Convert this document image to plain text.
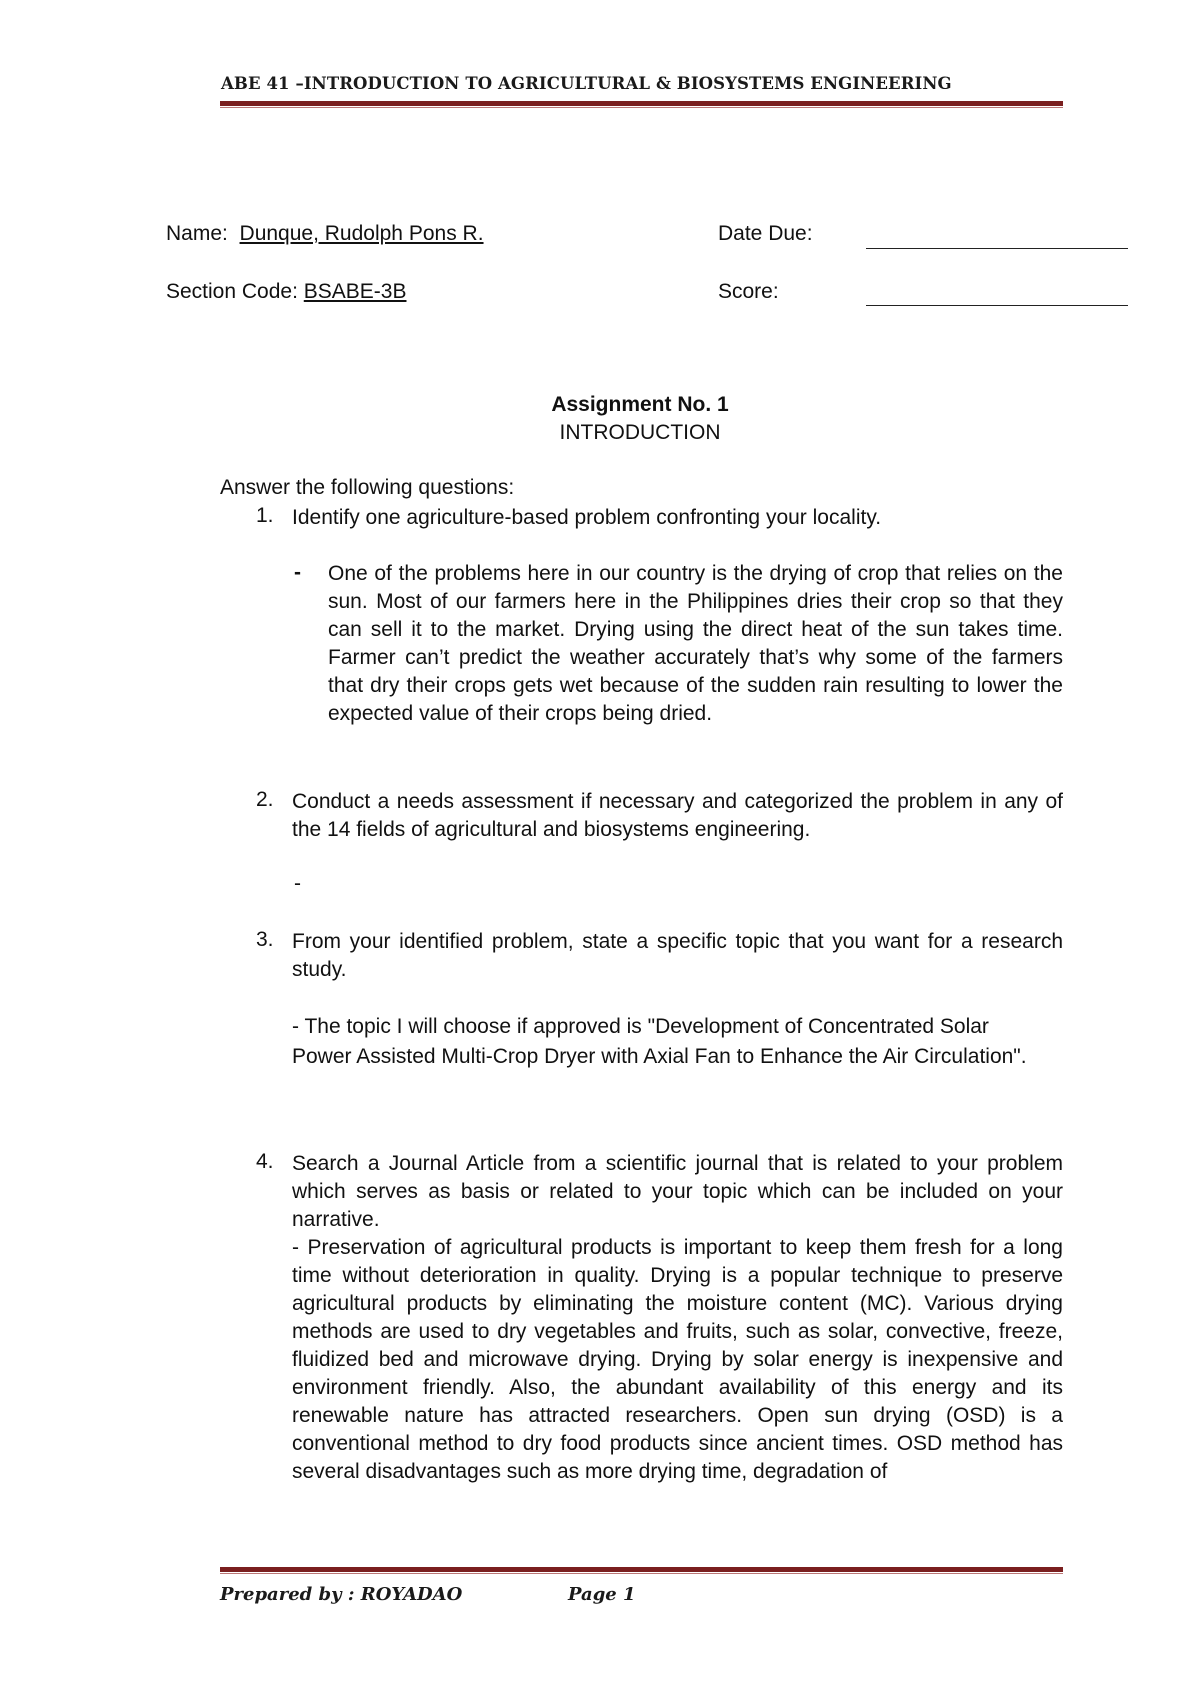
ABE 41 –INTRODUCTION TO AGRICULTURAL & BIOSYSTEMS ENGINEERING
Name: Dunque, Rudolph Pons R.	Date Due:
Section Code: BSABE-3B	Score:
Assignment No. 1
INTRODUCTION
Answer the following questions:
1. Identify one agriculture-based problem confronting your locality.
- One of the problems here in our country is the drying of crop that relies on the sun. Most of our farmers here in the Philippines dries their crop so that they can sell it to the market. Drying using the direct heat of the sun takes time. Farmer can’t predict the weather accurately that’s why some of the farmers that dry their crops gets wet because of the sudden rain resulting to lower the expected value of their crops being dried.
2. Conduct a needs assessment if necessary and categorized the problem in any of the 14 fields of agricultural and biosystems engineering.
-
3. From your identified problem, state a specific topic that you want for a research study.
- The topic I will choose if approved is "Development of Concentrated Solar Power Assisted Multi-Crop Dryer with Axial Fan to Enhance the Air Circulation".
4. Search a Journal Article from a scientific journal that is related to your problem which serves as basis or related to your topic which can be included on your narrative.
- Preservation of agricultural products is important to keep them fresh for a long time without deterioration in quality. Drying is a popular technique to preserve agricultural products by eliminating the moisture content (MC). Various drying methods are used to dry vegetables and fruits, such as solar, convective, freeze, fluidized bed and microwave drying. Drying by solar energy is inexpensive and environment friendly. Also, the abundant availability of this energy and its renewable nature has attracted researchers. Open sun drying (OSD) is a conventional method to dry food products since ancient times. OSD method has several disadvantages such as more drying time, degradation of
Prepared by : ROYADAO	Page 1
